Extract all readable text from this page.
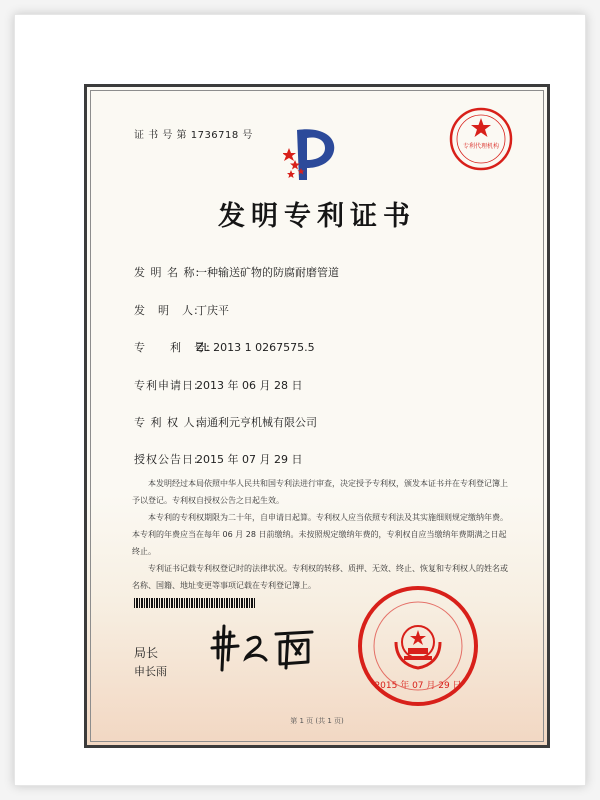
证 书 号 第 1736718 号
专利代理机构
发明专利证书
发 明 名 称:一种输送矿物的防腐耐磨管道
发　明　人:丁庆平
专　　利　号:ZL 2013 1 0267575.5
专利申请日:2013 年 06 月 28 日
专 利 权 人:南通利元亨机械有限公司
授权公告日:2015 年 07 月 29 日

本发明经过本局依照中华人民共和国专利法进行审查，决定授予专利权，颁发本证书并在专利登记簿上予以登记。专利权自授权公告之日起生效。

本专利的专利权期限为二十年，自申请日起算。专利权人应当依照专利法及其实施细则规定缴纳年费。本专利的年费应当在每年 06 月 28 日前缴纳。未按照规定缴纳年费的，专利权自应当缴纳年费期满之日起终止。

专利证书记载专利权登记时的法律状况。专利权的转移、质押、无效、终止、恢复和专利权人的姓名或名称、国籍、地址变更等事项记载在专利登记簿上。

局长
申长雨
2015 年 07 月 29 日
第 1 页 (共 1 页)
